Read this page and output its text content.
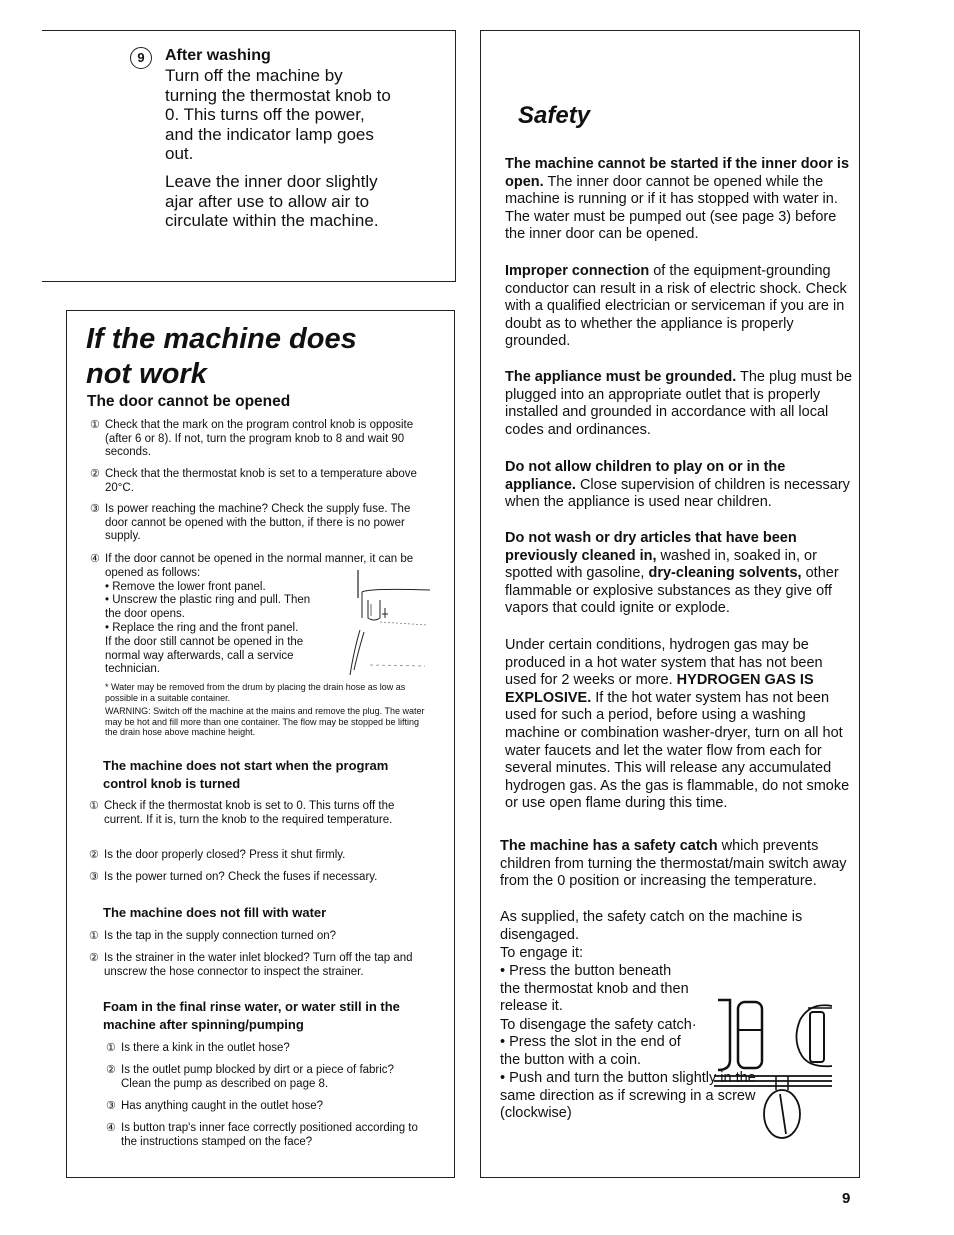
9	After washing
Turn off the machine by turning the thermostat knob to 0. This turns off the power, and the indicator lamp goes out.
Leave the inner door slightly ajar after use to allow air to circulate within the machine.
If the machine does not work
The door cannot be opened
① Check that the mark on the program control knob is opposite (after 6 or 8). If not, turn the program knob to 8 and wait 90 seconds.
② Check that the thermostat knob is set to a temperature above 20°C.
③ Is power reaching the machine? Check the supply fuse. The door cannot be opened with the button, if there is no power supply.
④ If the door cannot be opened in the normal manner, it can be opened as follows:
• Remove the lower front panel.
• Unscrew the plastic ring and pull. Then the door opens.
• Replace the ring and the front panel.
If the door still cannot be opened in the normal way afterwards, call a service technician.
* Water may be removed from the drum by placing the drain hose as low as possible in a suitable container.
WARNING: Switch off the machine at the mains and remove the plug. The water may be hot and fill more than one container. The flow may be stopped be lifting the drain hose above machine height.
The machine does not start when the program control knob is turned
① Check if the thermostat knob is set to 0. This turns off the current. If it is, turn the knob to the required temperature.
② Is the door properly closed? Press it shut firmly.
③ Is the power turned on? Check the fuses if necessary.
The machine does not fill with water
① Is the tap in the supply connection turned on?
② Is the strainer in the water inlet blocked? Turn off the tap and unscrew the hose connector to inspect the strainer.
Foam in the final rinse water, or water still in the machine after spinning/pumping
① Is there a kink in the outlet hose?
② Is the outlet pump blocked by dirt or a piece of fabric? Clean the pump as described on page 8.
③ Has anything caught in the outlet hose?
④ Is button trap's inner face correctly positioned according to the instructions stamped on the face?
Safety
The machine cannot be started if the inner door is open. The inner door cannot be opened while the machine is running or if it has stopped with water in. The water must be pumped out (see page 3) before the inner door can be opened.
Improper connection of the equipment-grounding conductor can result in a risk of electric shock. Check with a qualified electrician or serviceman if you are in doubt as to whether the appliance is properly grounded.
The appliance must be grounded. The plug must be plugged into an appropriate outlet that is properly installed and grounded in accordance with all local codes and ordinances.
Do not allow children to play on or in the appliance. Close supervision of children is necessary when the appliance is used near children.
Do not wash or dry articles that have been previously cleaned in, washed in, soaked in, or spotted with gasoline, dry-cleaning solvents, other flammable or explosive substances as they give off vapors that could ignite or explode.
Under certain conditions, hydrogen gas may be produced in a hot water system that has not been used for 2 weeks or more. HYDROGEN GAS IS EXPLOSIVE. If the hot water system has not been used for such a period, before using a washing machine or combination washer-dryer, turn on all hot water faucets and let the water flow from each for several minutes. This will release any accumulated hydrogen gas. As the gas is flammable, do not smoke or use open flame during this time.
The machine has a safety catch which prevents children from turning the thermostat/main switch away from the 0 position or increasing the temperature.
As supplied, the safety catch on the machine is disengaged.
To engage it:
• Press the button beneath the thermostat knob and then release it.
To disengage the safety catch·
• Press the slot in the end of the button with a coin.
• Push and turn the button slightly in the same direction as if screwing in a screw (clockwise)
9
